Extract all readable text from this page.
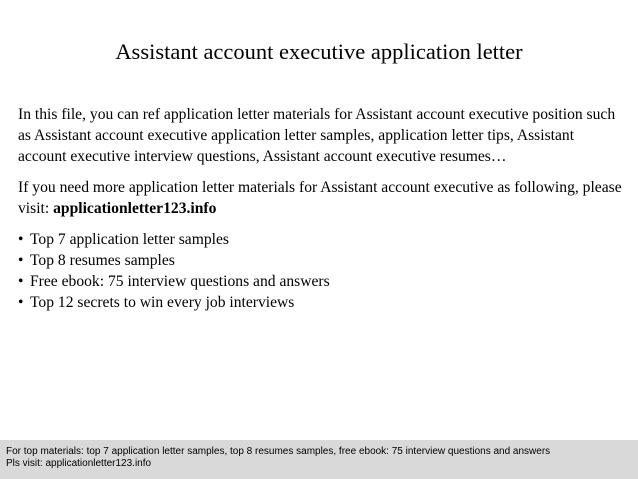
Assistant account executive application letter

In this file, you can ref application letter materials for Assistant account executive position such as Assistant account executive application letter samples, application letter tips, Assistant account executive interview questions, Assistant account executive resumes…

If you need more application letter materials for Assistant account executive as following, please visit: applicationletter123.info

• Top 7 application letter samples
• Top 8 resumes samples
• Free ebook: 75 interview questions and answers
• Top 12 secrets to win every job interviews
For top materials: top 7 application letter samples, top 8 resumes samples, free ebook: 75 interview questions and answers
Pls visit: applicationletter123.info
